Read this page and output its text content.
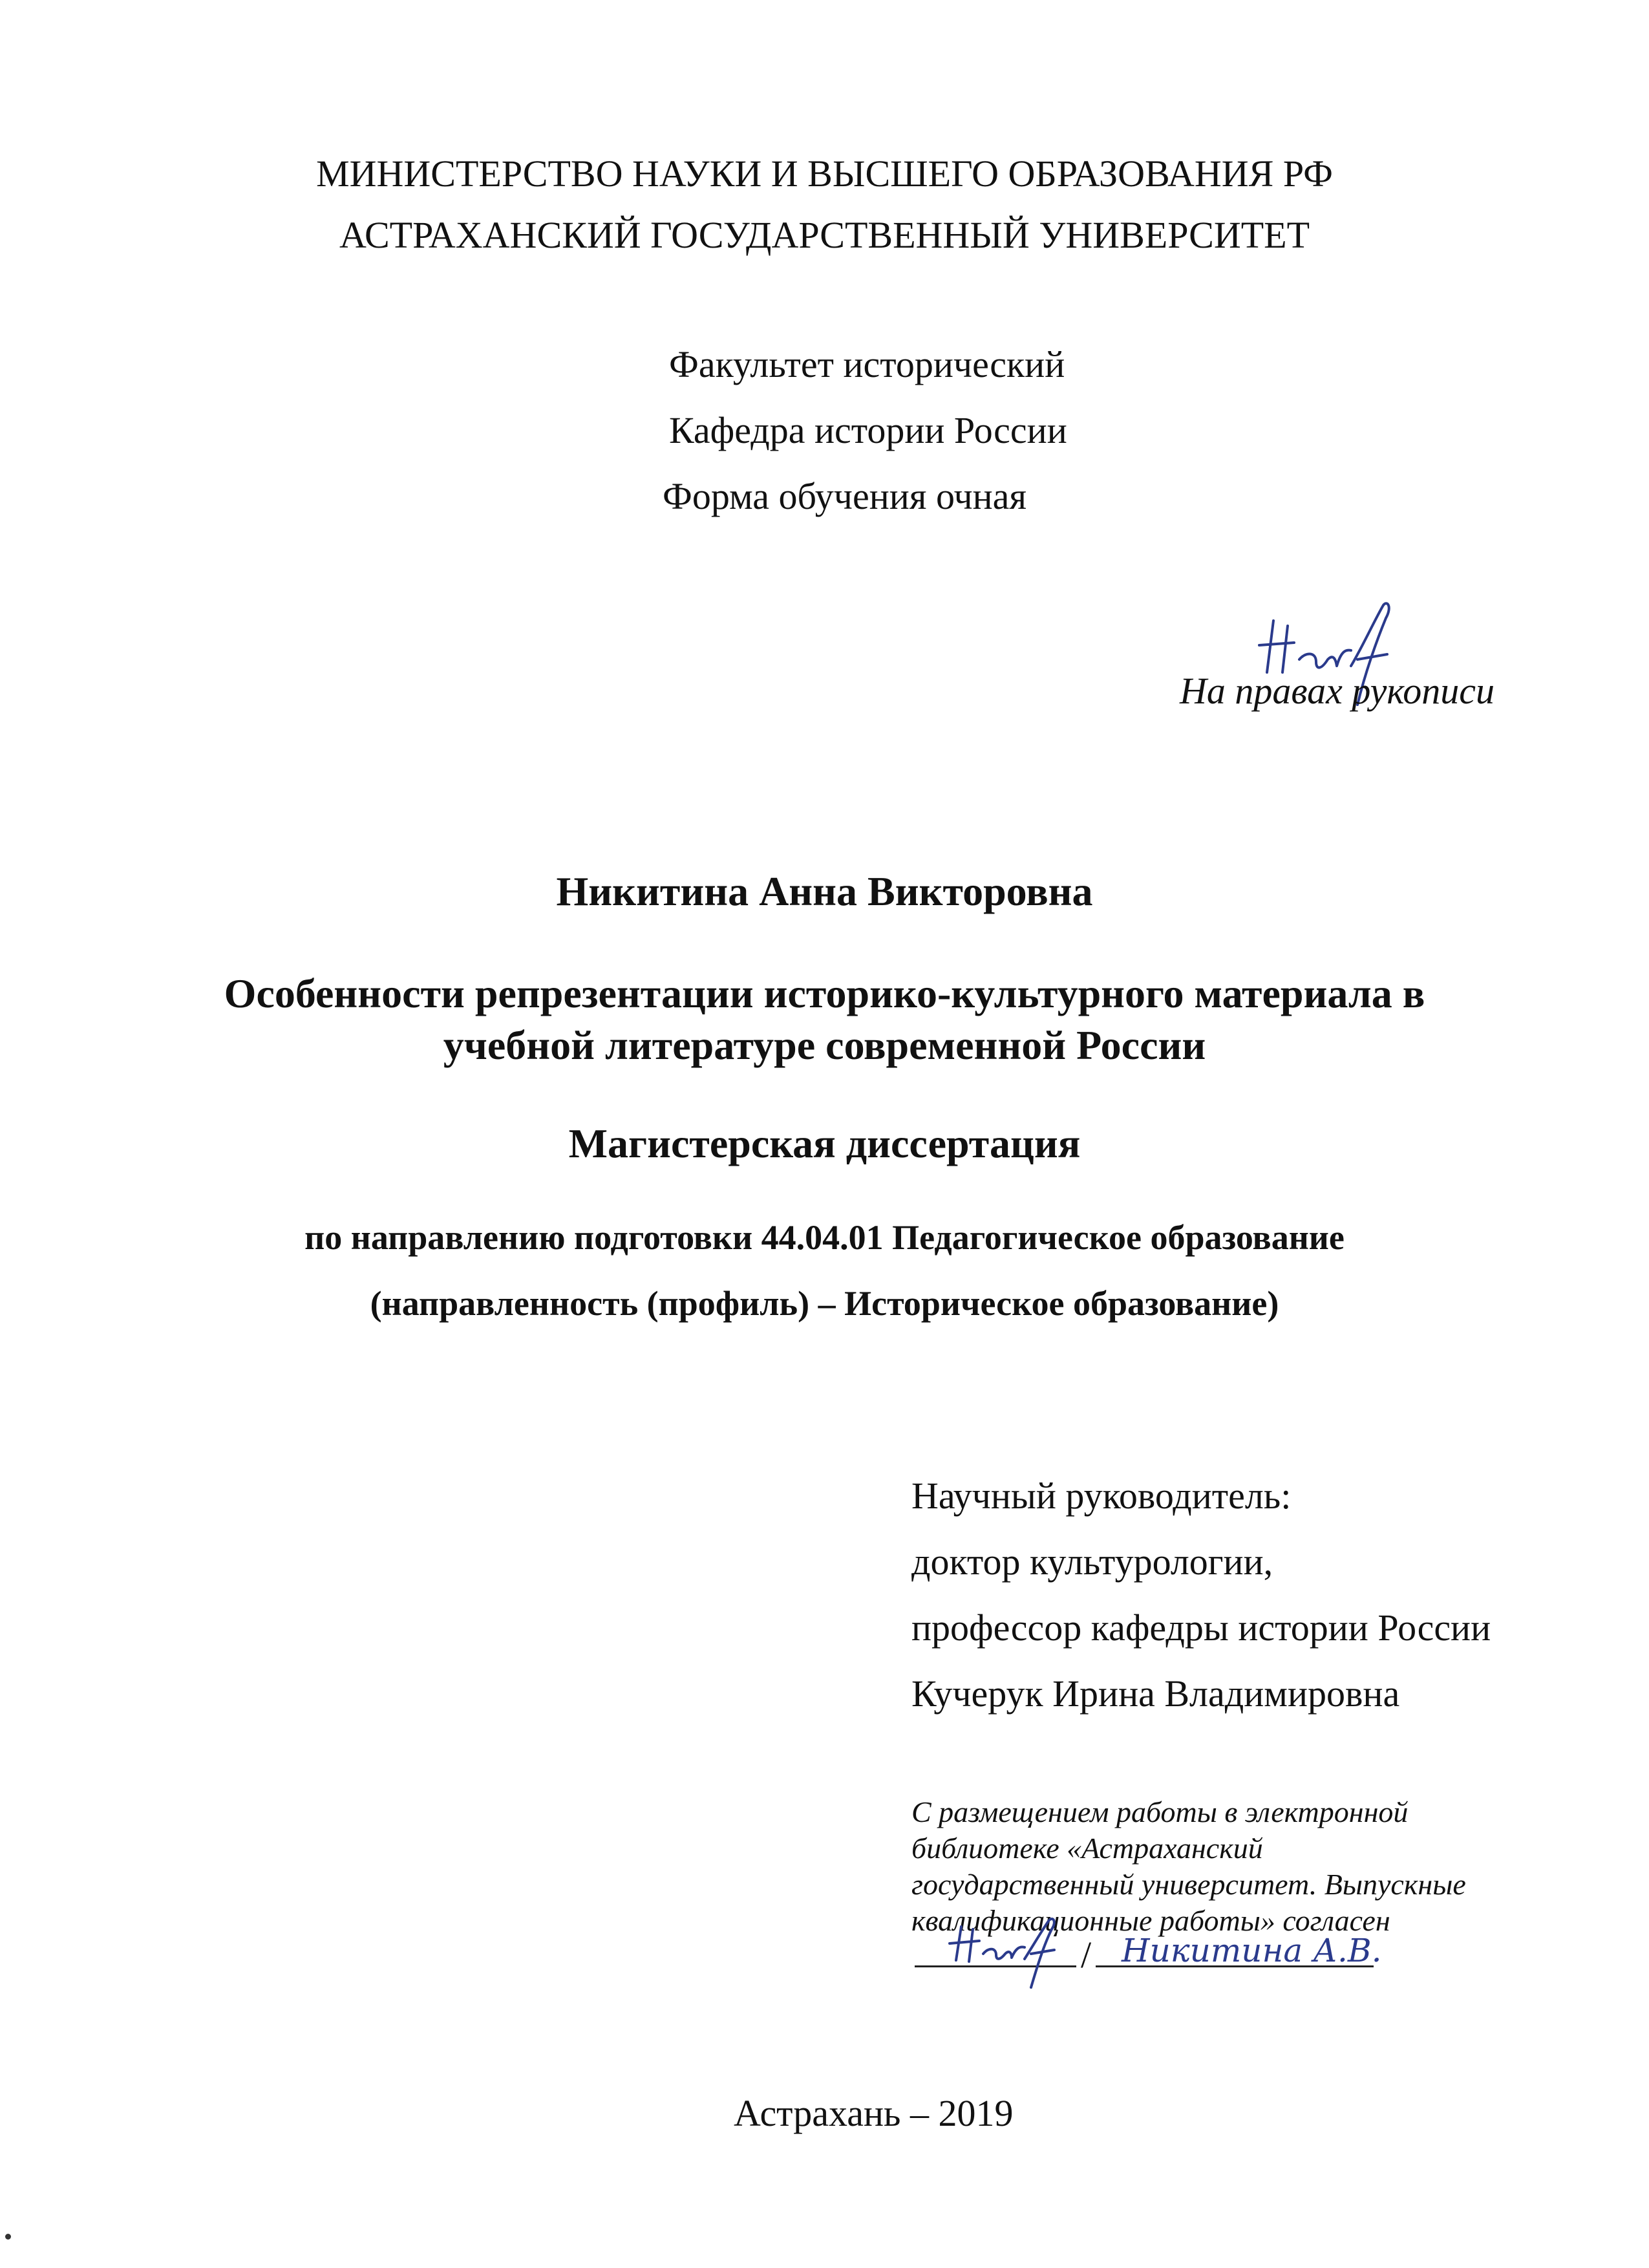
МИНИСТЕРСТВО НАУКИ И ВЫСШЕГО ОБРАЗОВАНИЯ РФ
АСТРАХАНСКИЙ ГОСУДАРСТВЕННЫЙ УНИВЕРСИТЕТ
Факультет исторический
Кафедра истории России
Форма обучения очная
На правах рукописи
Никитина Анна Викторовна
Особенности репрезентации историко-культурного материала в
учебной литературе современной России
Магистерская диссертация
по направлению подготовки 44.04.01 Педагогическое образование
(направленность (профиль) – Историческое образование)
Научный руководитель:
доктор культурологии,
профессор кафедры истории России
Кучерук Ирина Владимировна
С размещением работы в электронной
библиотеке «Астраханский
государственный университет. Выпускные
квалификационные работы» согласен
/ Никитина А.В.
Астрахань – 2019
